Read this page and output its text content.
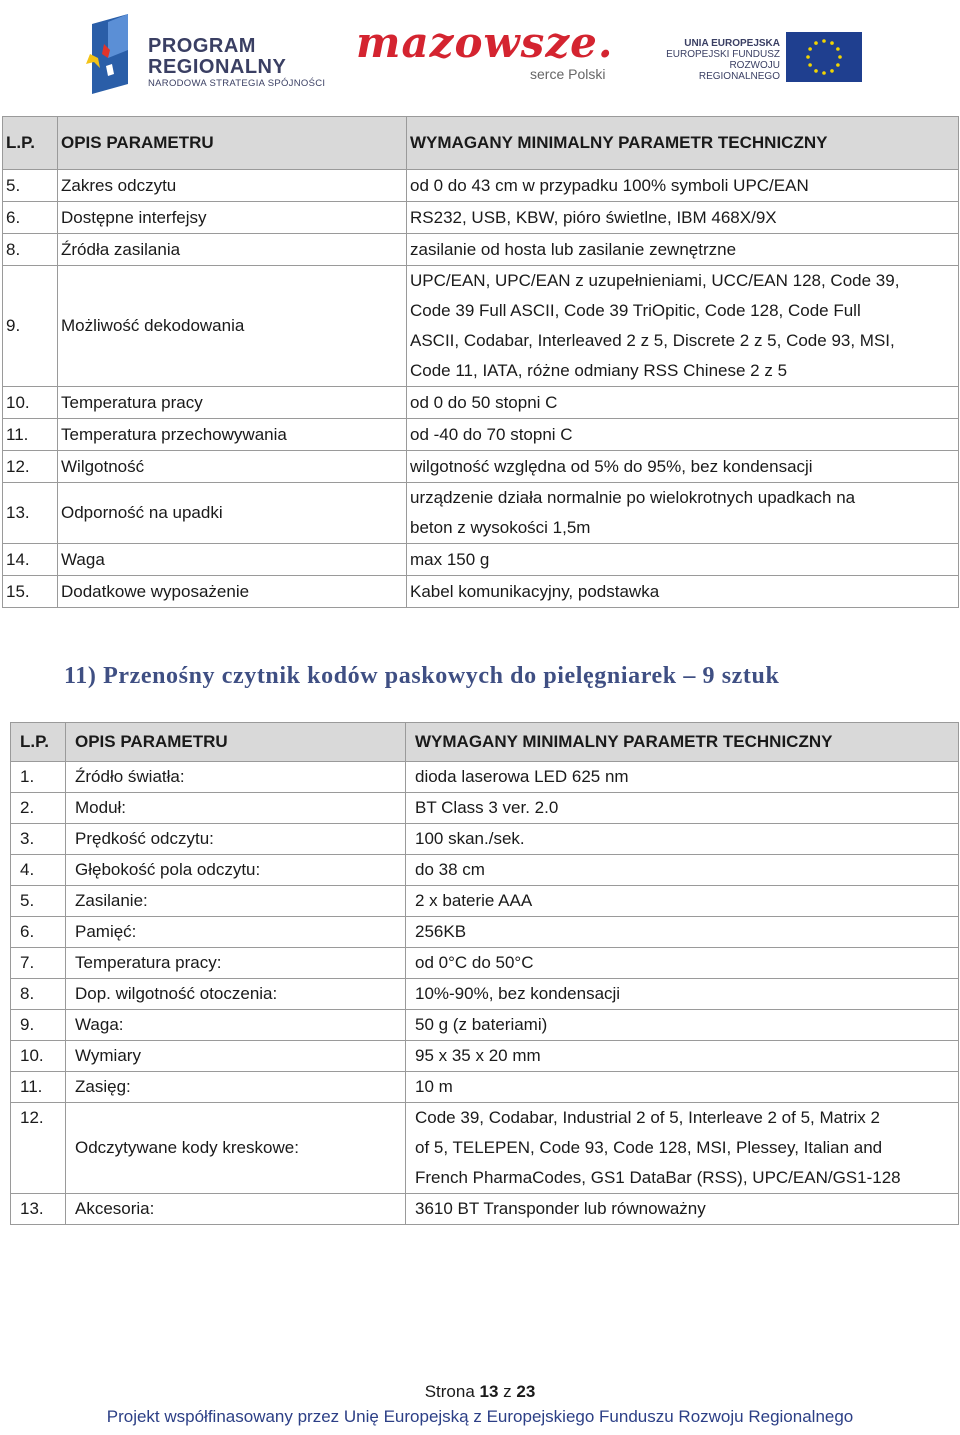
PROGRAM
REGIONALNY
NARODOWA STRATEGIA SPÓJNOŚCI
mazowsze.
serce Polski
UNIA EUROPEJSKA
EUROPEJSKI FUNDUSZ
ROZWOJU REGIONALNEGO
L.P.	OPIS PARAMETRU	WYMAGANY MINIMALNY PARAMETR TECHNICZNY
5.	Zakres odczytu	od 0 do 43 cm w przypadku 100% symboli UPC/EAN

6.	Dostępne interfejsy	RS232, USB, KBW, pióro świetlne, IBM 468X/9X

8.	Źródła zasilania	zasilanie od hosta lub zasilanie zewnętrzne

9.	Możliwość dekodowania	UPC/EAN, UPC/EAN z uzupełnieniami, UCC/EAN 128, Code 39,
Code 39 Full ASCII, Code 39 TriOpitic, Code 128, Code Full
ASCII, Codabar, Interleaved 2 z 5, Discrete 2 z 5, Code 93, MSI,
Code 11, IATA, różne odmiany RSS Chinese 2 z 5

10.	Temperatura pracy	od 0 do 50 stopni C

11.	Temperatura przechowywania	od -40 do 70 stopni C

12.	Wilgotność	wilgotność względna od 5% do 95%, bez kondensacji

13.	Odporność na upadki	urządzenie działa normalnie po wielokrotnych upadkach na
beton z wysokości 1,5m

14.	Waga	max 150 g

15.	Dodatkowe wyposażenie	Kabel komunikacyjny, podstawka
11) Przenośny czytnik kodów paskowych do pielęgniarek – 9 sztuk
L.P.	OPIS PARAMETRU	WYMAGANY MINIMALNY PARAMETR TECHNICZNY
1.	Źródło światła:	dioda laserowa LED 625 nm

2.	Moduł:	BT Class 3 ver. 2.0

3.	Prędkość odczytu:	100 skan./sek.

4.	Głębokość pola odczytu:	do 38 cm

5.	Zasilanie:	2 x baterie AAA

6.	Pamięć:	256KB

7.	Temperatura pracy:	od 0°C do 50°C

8.	Dop. wilgotność otoczenia:	10%-90%, bez kondensacji

9.	Waga:	50 g (z bateriami)

10.	Wymiary	95 x 35 x 20 mm

11.	Zasięg:	10 m

12.	Odczytywane kody kreskowe:	Code 39, Codabar, Industrial 2 of 5, Interleave 2 of 5, Matrix 2
of 5, TELEPEN, Code 93, Code 128, MSI, Plessey, Italian and
French PharmaCodes, GS1 DataBar (RSS), UPC/EAN/GS1-128

13.	Akcesoria:	3610 BT Transponder lub równoważny
Strona 13 z 23
Projekt współfinasowany przez Unię Europejską z Europejskiego Funduszu Rozwoju Regionalnego
